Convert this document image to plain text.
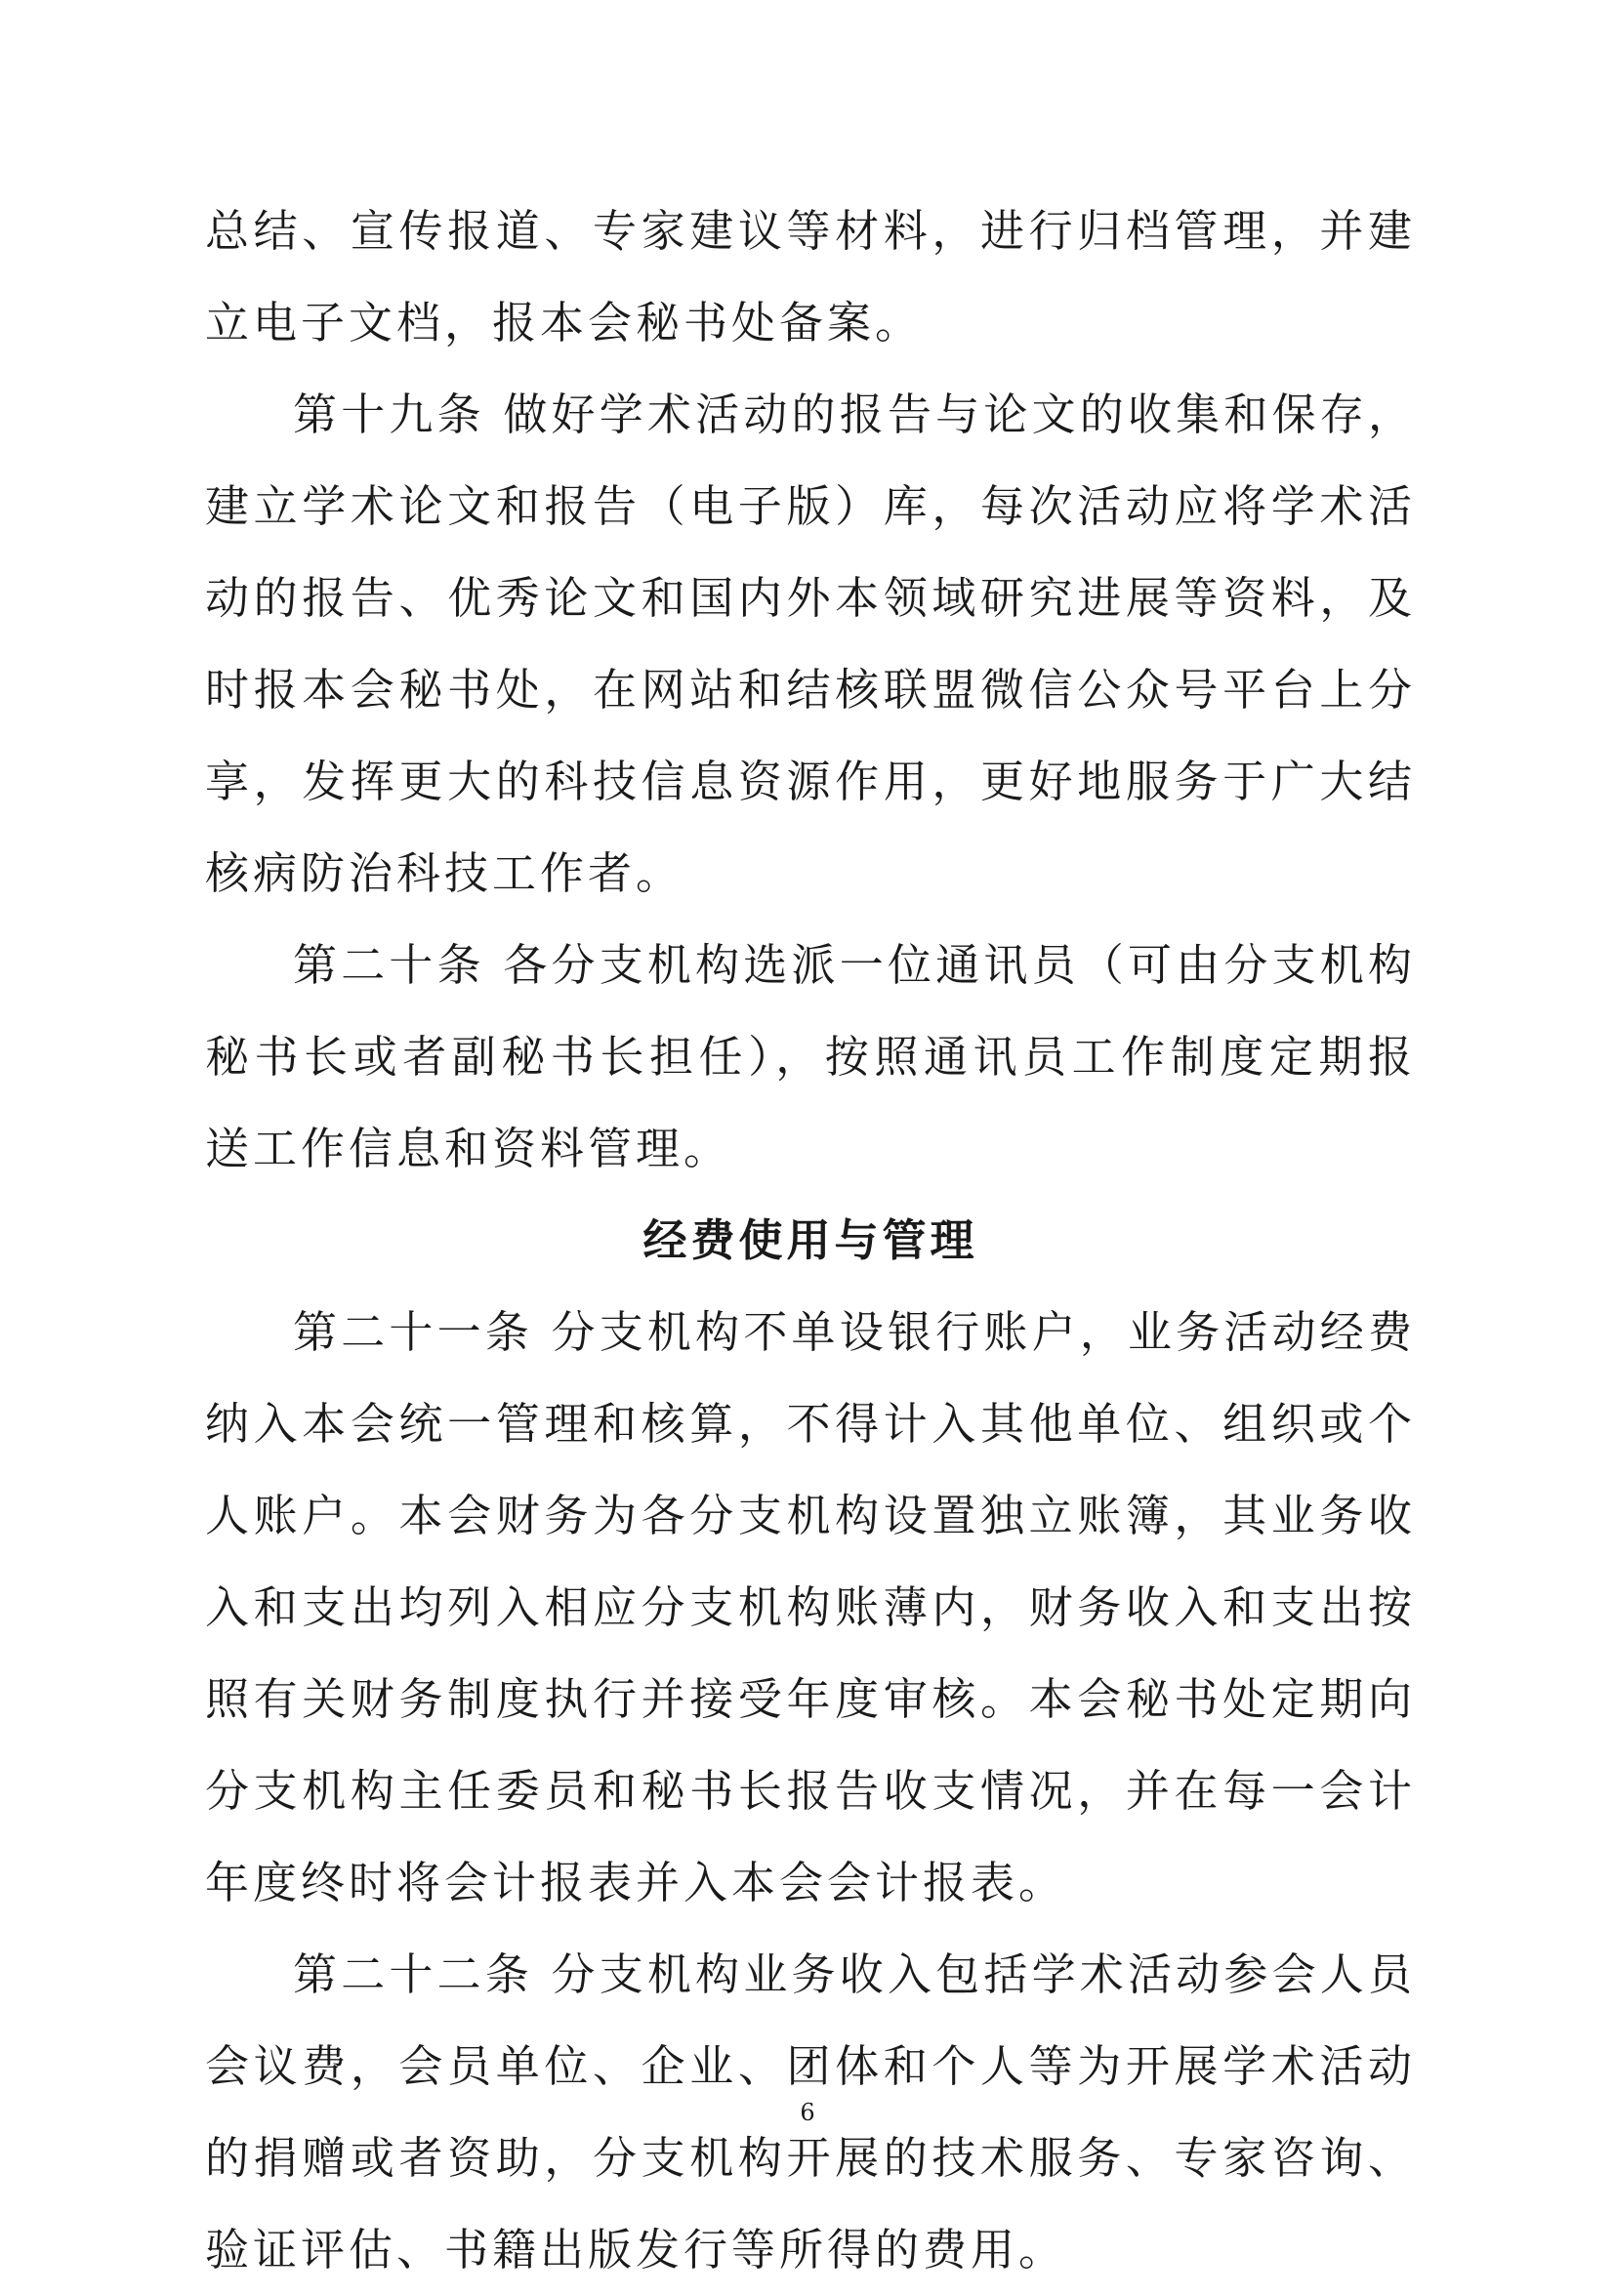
总结、宣传报道、专家建议等材料，进行归档管理，并建立电子文档，报本会秘书处备案。

第十九条 做好学术活动的报告与论文的收集和保存，建立学术论文和报告（电子版）库，每次活动应将学术活动的报告、优秀论文和国内外本领域研究进展等资料，及时报本会秘书处，在网站和结核联盟微信公众号平台上分享，发挥更大的科技信息资源作用，更好地服务于广大结核病防治科技工作者。

第二十条 各分支机构选派一位通讯员（可由分支机构秘书长或者副秘书长担任），按照通讯员工作制度定期报送工作信息和资料管理。

经费使用与管理

第二十一条 分支机构不单设银行账户，业务活动经费纳入本会统一管理和核算，不得计入其他单位、组织或个人账户。本会财务为各分支机构设置独立账簿，其业务收入和支出均列入相应分支机构账薄内，财务收入和支出按照有关财务制度执行并接受年度审核。本会秘书处定期向分支机构主任委员和秘书长报告收支情况，并在每一会计年度终时将会计报表并入本会会计报表。

第二十二条 分支机构业务收入包括学术活动参会人员会议费，会员单位、企业、团体和个人等为开展学术活动的捐赠或者资助，分支机构开展的技术服务、专家咨询、验证评估、书籍出版发行等所得的费用。

6
